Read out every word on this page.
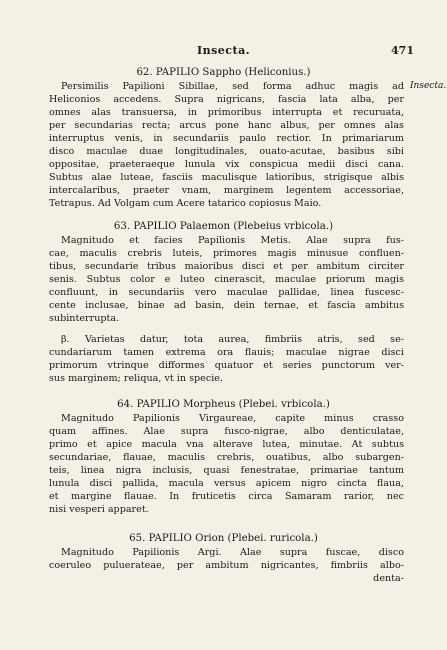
Insecta.	471
62. PAPILIO Sappho (Heliconius.)
Persimilis Papilioni Sibillae, sed forma adhuc magis ad Insecta.
Heliconios accedens. Supra nigricans, fascia lata alba, per
omnes alas transuersa, in primoribus interrupta et recuruata,
per secundarias recta; arcus pone hanc albus, per omnes alas
interruptus venis, in secundariis paulo rectior. In primariarum
disco maculae duae longitudinales, ouato-acutae, basibus sibi
oppositae, praeteraeque lunula vix conspicua medii disci cana.
Subtus alae luteae, fasciis maculisque latioribus, strigisque albis
intercalaribus, praeter vnam, marginem legentem accessoriae,
Tetrapus. Ad Volgam cum Acere tatarico copiosus Maio.
63. PAPILIO Palaemon (Plebeius vrbicola.)
Magnitudo et facies Papilionis Metis. Alae supra fus-
cae, maculis crebris luteis, primores magis minusue confluen-
tibus, secundarie tribus maioribus disci et per ambitum circiter
senis. Subtus color e luteo cinerascit, maculae priorum magis
confluunt, in secundariis vero maculae pallidae, linea fuscesc-
cente inclusae, binae ad basin, dein ternae, et fascia ambitus
subinterrupta.
β. Varietas datur, tota aurea, fimbriis atris, sed se-
cundariarum tamen extrema ora flauis; maculae nigrae disci
primorum vtrinque difformes quatuor et series punctorum ver-
sus marginem; reliqua, vt in specie.
64. PAPILIO Morpheus (Plebei. vrbicola.)
Magnitudo Papilionis Virgaureae, capite minus crasso
quam affines. Alae supra fusco-nigrae, albo denticulatae,
primo et apice macula vna alterave lutea, minutae. At subtus
secundariae, flauae, maculis crebris, ouatibus, albo subargen-
teis, linea nigra inclusis, quasi fenestratae, primariae tantum
lunula disci pallida, macula versus apicem nigro cincta flaua,
et margine flauae. In fruticetis circa Samaram rarior, nec
nisi vesperi apparet.
65. PAPILIO Orion (Plebei. ruricola.)
Magnitudo Papilionis Argi. Alae supra fuscae, disco
coeruleo puluerateae, per ambitum nigricantes, fimbriis albo-
denta-
